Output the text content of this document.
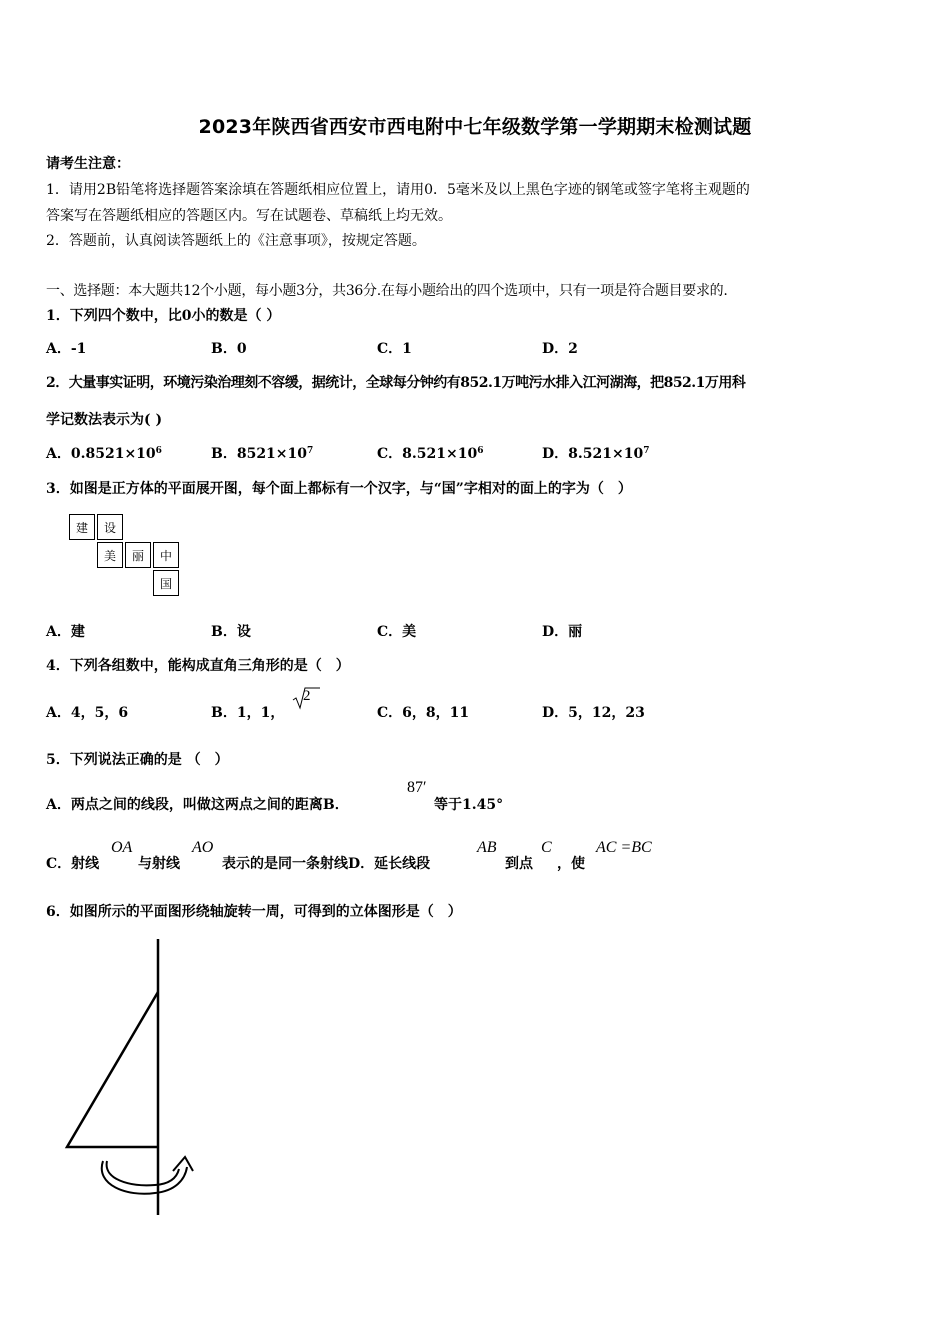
2023年陕西省西安市西电附中七年级数学第一学期期末检测试题
请考生注意：
1．请用2B铅笔将选择题答案涂填在答题纸相应位置上，请用0．5毫米及以上黑色字迹的钢笔或签字笔将主观题的
答案写在答题纸相应的答题区内。写在试题卷、草稿纸上均无效。
2．答题前，认真阅读答题纸上的《注意事项》，按规定答题。
一、选择题：本大题共12个小题，每小题3分，共36分.在每小题给出的四个选项中，只有一项是符合题目要求的.
1．下列四个数中，比0小的数是（ ）
A．-1	B．0	C．1	D．2
2．大量事实证明，环境污染治理刻不容缓，据统计，全球每分钟约有852.1万吨污水排入江河湖海，把852.1万用科
学记数法表示为( )
A．$0.8521\times 10^6$	B．$8521\times 10^7$	C．$8.521\times 10^6$	D．$8.521\times 10^7$
3．如图是正方体的平面展开图，每个面上都标有一个汉字，与“国”字相对的面上的字为（　）
建	设
美	丽	中
国
A．建	B．设	C．美	D．丽
4．下列各组数中，能构成直角三角形的是（　）
A．4，5，6	B．1，1，
2
C．6，8，11	D．5，12，23
5．下列说法正确的是 （　）
A．两点之间的线段，叫做这两点之间的距离B．
87′
等于1.45°
C．射线
OA
与射线
AO
表示的是同一条射线D．延长线段
AB
到点
C
，使
AC =BC
6．如图所示的平面图形绕轴旋转一周，可得到的立体图形是（　）
